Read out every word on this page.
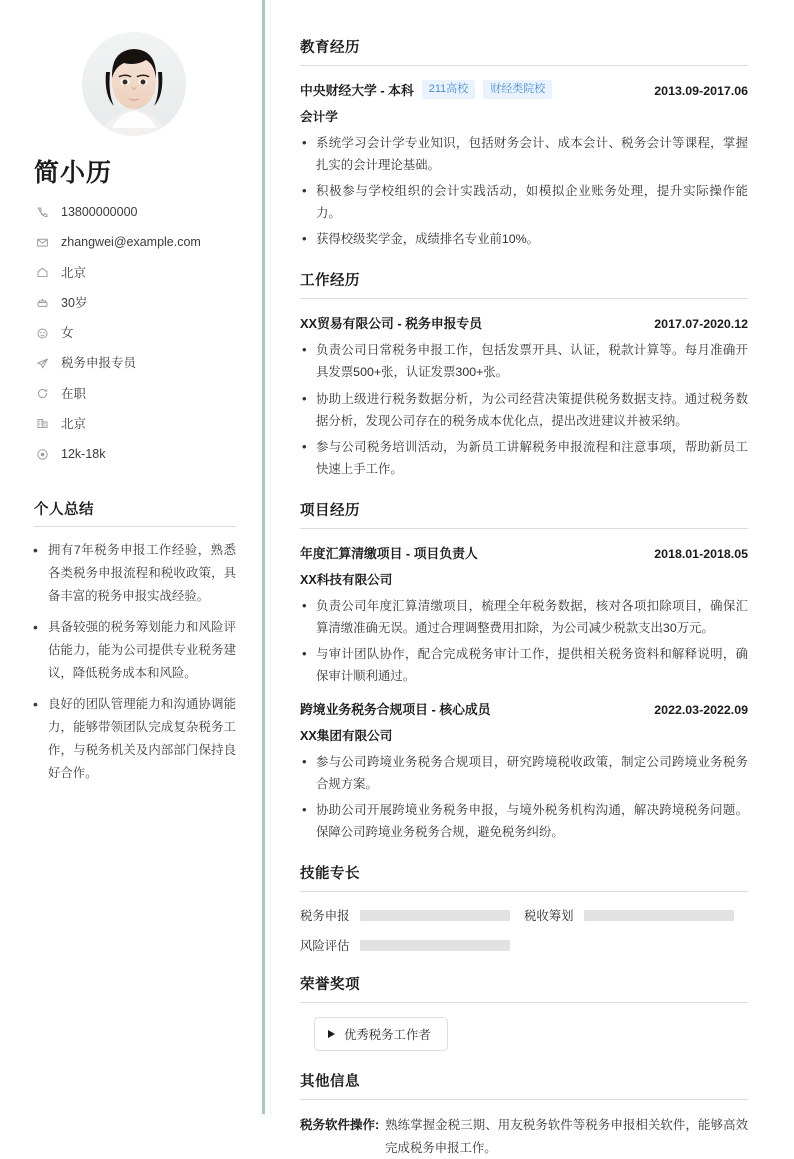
简小历
13800000000
zhangwei@example.com
北京
30岁
女
税务申报专员
在职
北京
12k-18k
个人总结
• 拥有7年税务申报工作经验，熟悉各类税务申报流程和税收政策，具备丰富的税务申报实战经验。
• 具备较强的税务筹划能力和风险评估能力，能为公司提供专业税务建议，降低税务成本和风险。
• 良好的团队管理能力和沟通协调能力，能够带领团队完成复杂税务工作，与税务机关及内部部门保持良好合作。
教育经历
中央财经大学 - 本科	211高校	财经类院校	2013.09-2017.06
会计学
• 系统学习会计学专业知识，包括财务会计、成本会计、税务会计等课程，掌握扎实的会计理论基础。
• 积极参与学校组织的会计实践活动，如模拟企业账务处理，提升实际操作能力。
• 获得校级奖学金，成绩排名专业前10%。
工作经历
XX贸易有限公司 - 税务申报专员	2017.07-2020.12
• 负责公司日常税务申报工作，包括发票开具、认证，税款计算等。每月准确开具发票500+张，认证发票300+张。
• 协助上级进行税务数据分析，为公司经营决策提供税务数据支持。通过税务数据分析，发现公司存在的税务成本优化点，提出改进建议并被采纳。
• 参与公司税务培训活动，为新员工讲解税务申报流程和注意事项，帮助新员工快速上手工作。
项目经历
年度汇算清缴项目 - 项目负责人	2018.01-2018.05
XX科技有限公司
• 负责公司年度汇算清缴项目，梳理全年税务数据，核对各项扣除项目，确保汇算清缴准确无误。通过合理调整费用扣除，为公司减少税款支出30万元。
• 与审计团队协作，配合完成税务审计工作，提供相关税务资料和解释说明，确保审计顺利通过。
跨境业务税务合规项目 - 核心成员	2022.03-2022.09
XX集团有限公司
• 参与公司跨境业务税务合规项目，研究跨境税收政策，制定公司跨境业务税务合规方案。
• 协助公司开展跨境业务税务申报，与境外税务机构沟通，解决跨境税务问题。保障公司跨境业务税务合规，避免税务纠纷。
技能专长
税务申报	税收筹划
风险评估
荣誉奖项
优秀税务工作者
其他信息
税务软件操作: 熟练掌握金税三期、用友税务软件等税务申报相关软件，能够高效完成税务申报工作。
